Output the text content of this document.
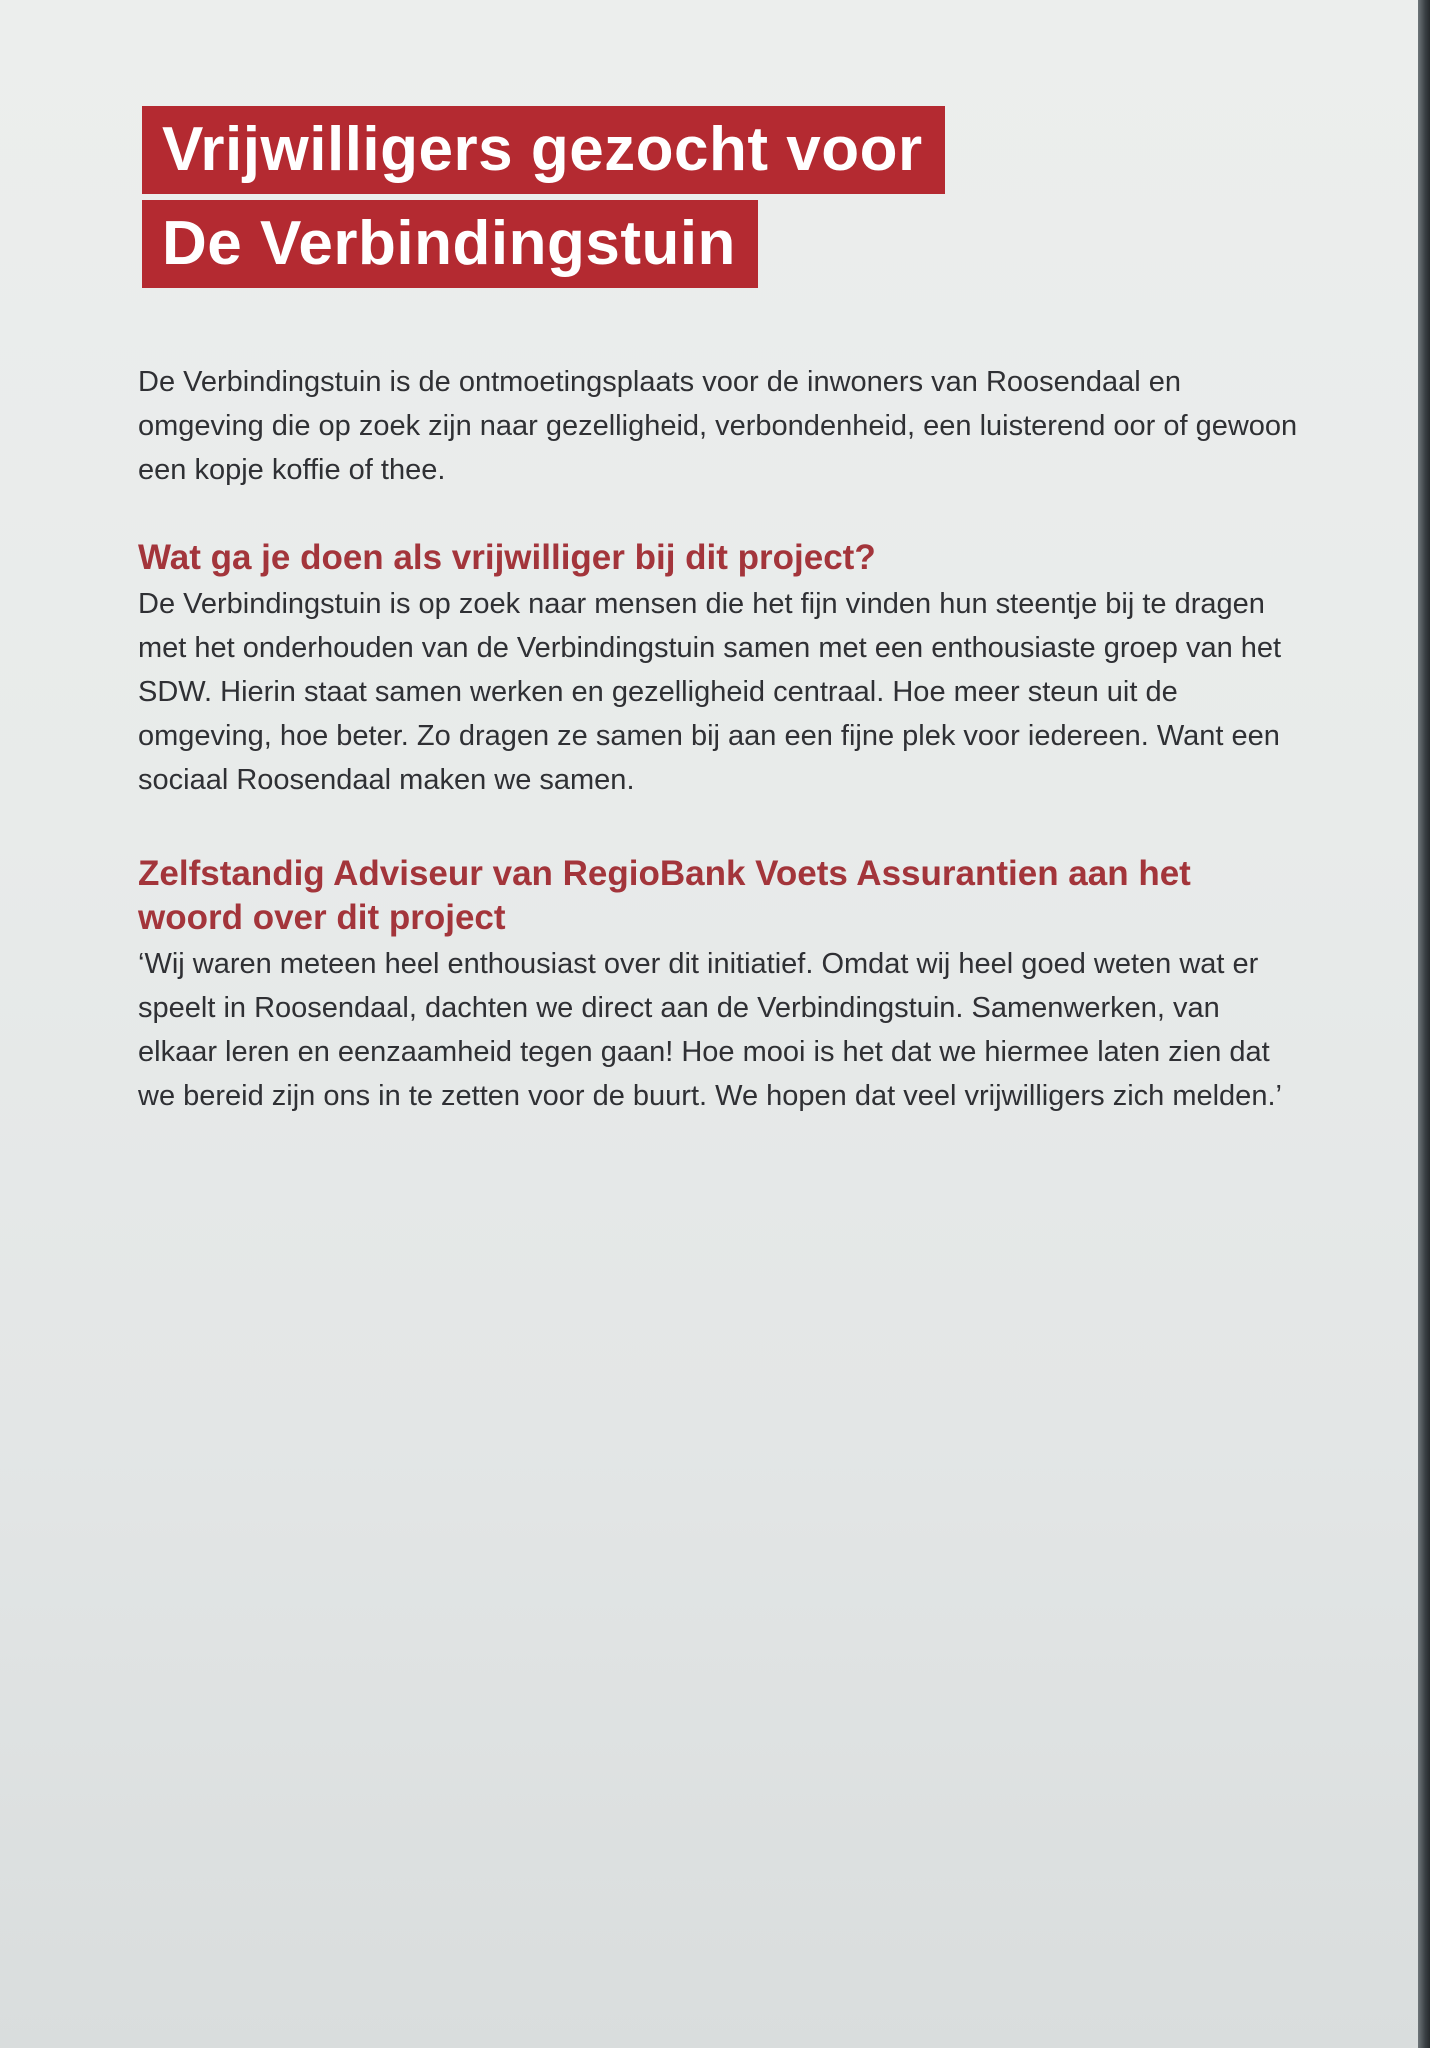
Vrijwilligers gezocht voor
De Verbindingstuin

De Verbindingstuin is de ontmoetingsplaats voor de inwoners van Roosendaal en omgeving die op zoek zijn naar gezelligheid, verbondenheid, een luisterend oor of gewoon een kopje koffie of thee.

Wat ga je doen als vrijwilliger bij dit project?

De Verbindingstuin is op zoek naar mensen die het fijn vinden hun steentje bij te dragen met het onderhouden van de Verbindingstuin samen met een enthousiaste groep van het SDW. Hierin staat samen werken en gezelligheid centraal. Hoe meer steun uit de omgeving, hoe beter. Zo dragen ze samen bij aan een fijne plek voor iedereen. Want een sociaal Roosendaal maken we samen.

Zelfstandig Adviseur van RegioBank Voets Assurantien aan het woord over dit project

‘Wij waren meteen heel enthousiast over dit initiatief. Omdat wij heel goed weten wat er speelt in Roosendaal, dachten we direct aan de Verbindingstuin. Samenwerken, van elkaar leren en eenzaamheid tegen gaan! Hoe mooi is het dat we hiermee laten zien dat we bereid zijn ons in te zetten voor de buurt. We hopen dat veel vrijwilligers zich melden.’
